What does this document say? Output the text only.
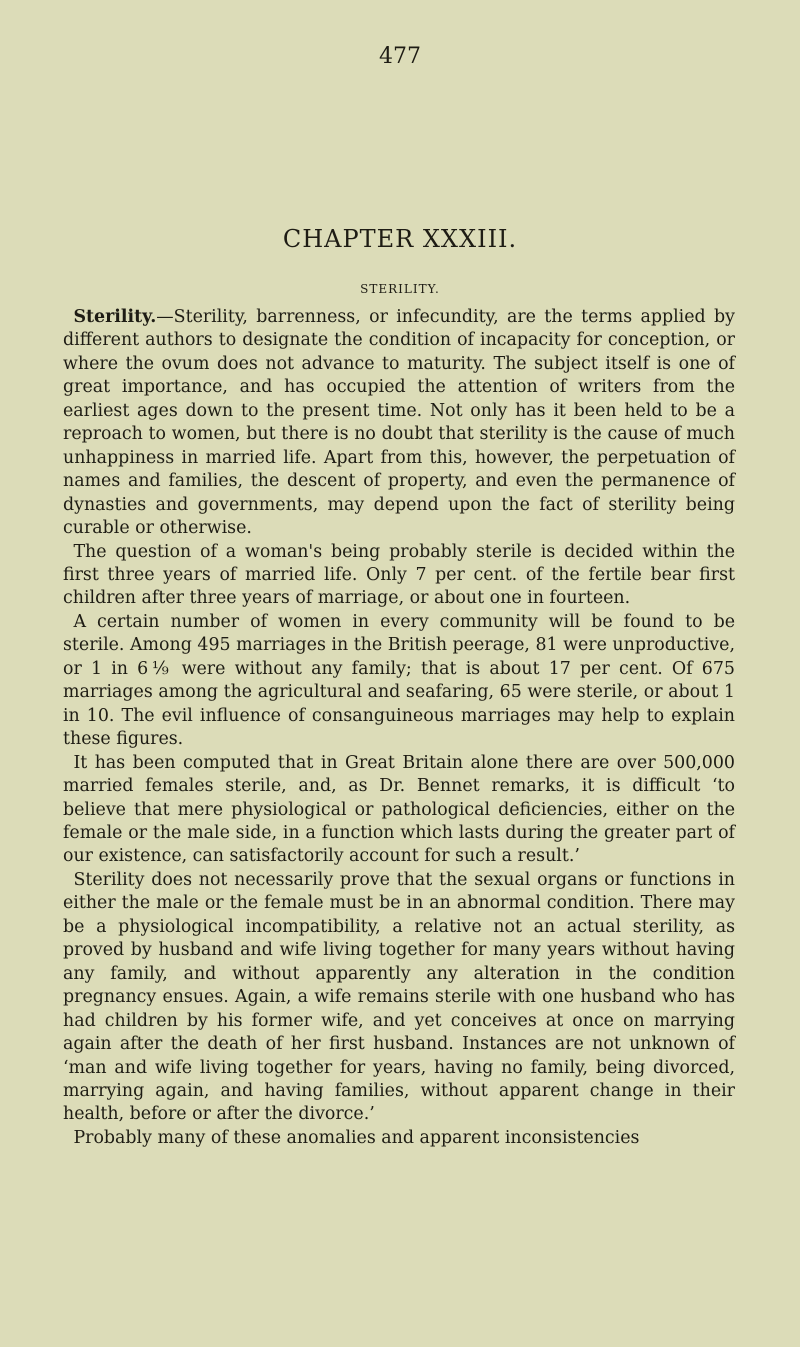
477
CHAPTER XXXIII.
STERILITY.

Sterility.—Sterility, barrenness, or infecundity, are the terms applied by different authors to designate the condition of incapacity for conception, or where the ovum does not advance to maturity. The subject itself is one of great importance, and has occupied the attention of writers from the earliest ages down to the present time. Not only has it been held to be a reproach to women, but there is no doubt that sterility is the cause of much unhappiness in married life. Apart from this, however, the perpetuation of names and families, the descent of property, and even the permanence of dynasties and governments, may depend upon the fact of sterility being curable or otherwise.

The question of a woman's being probably sterile is decided within the first three years of married life. Only 7 per cent. of the fertile bear first children after three years of marriage, or about one in fourteen.

A certain number of women in every community will be found to be sterile. Among 495 marriages in the British peerage, 81 were unproductive, or 1 in 6⅑ were without any family; that is about 17 per cent. Of 675 marriages among the agricultural and seafaring, 65 were sterile, or about 1 in 10. The evil influence of consanguineous marriages may help to explain these figures.

It has been computed that in Great Britain alone there are over 500,000 married females sterile, and, as Dr. Bennet remarks, it is difficult ‘to believe that mere physiological or pathological deficiencies, either on the female or the male side, in a function which lasts during the greater part of our existence, can satisfactorily account for such a result.’

Sterility does not necessarily prove that the sexual organs or functions in either the male or the female must be in an abnormal condition. There may be a physiological incompatibility, a relative not an actual sterility, as proved by husband and wife living together for many years without having any family, and without apparently any alteration in the condition pregnancy ensues. Again, a wife remains sterile with one husband who has had children by his former wife, and yet conceives at once on marrying again after the death of her first husband. Instances are not unknown of ‘man and wife living together for years, having no family, being divorced, marrying again, and having families, without apparent change in their health, before or after the divorce.’

Probably many of these anomalies and apparent inconsistencies
